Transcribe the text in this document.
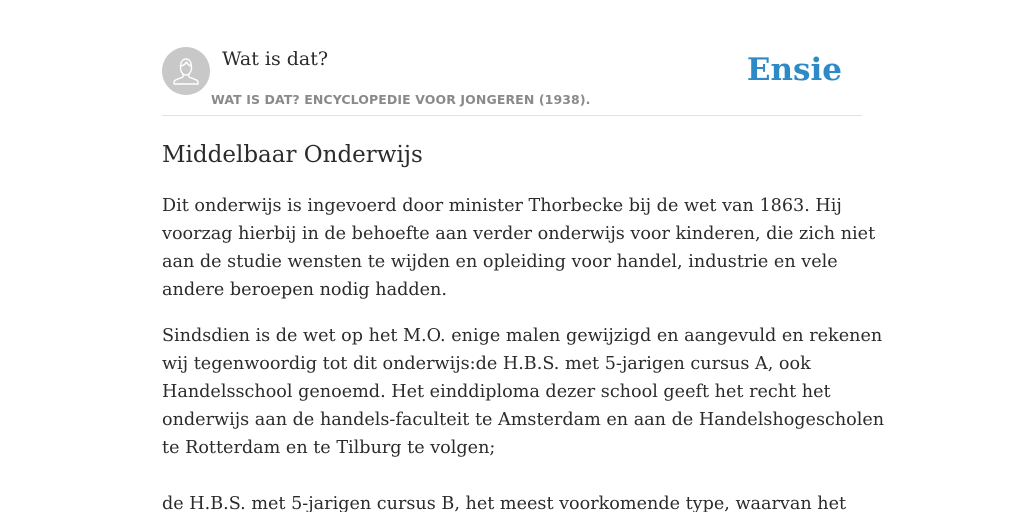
Wat is dat?
WAT IS DAT? ENCYCLOPEDIE VOOR JONGEREN (1938).
Ensie
Middelbaar Onderwijs

Dit onderwijs is ingevoerd door minister Thorbecke bij de wet van 1863. Hij
voorzag hierbij in de behoefte aan verder onderwijs voor kinderen, die zich niet
aan de studie wensten te wijden en opleiding voor handel, industrie en vele
andere beroepen nodig hadden.

Sindsdien is de wet op het M.O. enige malen gewijzigd en aangevuld en rekenen
wij tegenwoordig tot dit onderwijs:de H.B.S. met 5-jarigen cursus A, ook
Handelsschool genoemd. Het einddiploma dezer school geeft het recht het
onderwijs aan de handels-faculteit te Amsterdam en aan de Handelshogescholen
te Rotterdam en te Tilburg te volgen;
de H.B.S. met 5-jarigen cursus B, het meest voorkomende type, waarvan het
